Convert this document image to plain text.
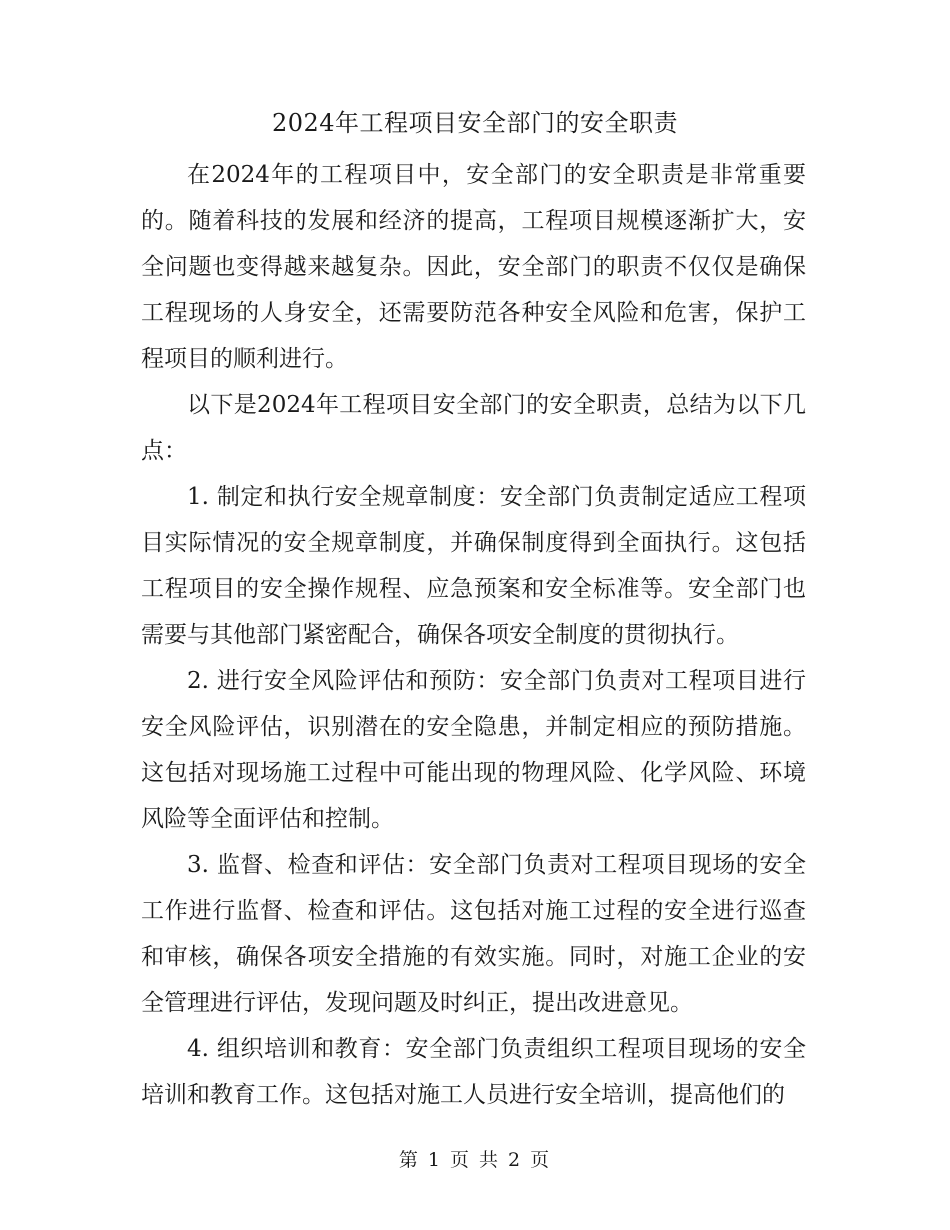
2024年工程项目安全部门的安全职责

在2024年的工程项目中，安全部门的安全职责是非常重要的。随着科技的发展和经济的提高，工程项目规模逐渐扩大，安全问题也变得越来越复杂。因此，安全部门的职责不仅仅是确保工程现场的人身安全，还需要防范各种安全风险和危害，保护工程项目的顺利进行。

以下是2024年工程项目安全部门的安全职责，总结为以下几点：

1. 制定和执行安全规章制度：安全部门负责制定适应工程项目实际情况的安全规章制度，并确保制度得到全面执行。这包括工程项目的安全操作规程、应急预案和安全标准等。安全部门也需要与其他部门紧密配合，确保各项安全制度的贯彻执行。

2. 进行安全风险评估和预防：安全部门负责对工程项目进行安全风险评估，识别潜在的安全隐患，并制定相应的预防措施。这包括对现场施工过程中可能出现的物理风险、化学风险、环境风险等全面评估和控制。

3. 监督、检查和评估：安全部门负责对工程项目现场的安全工作进行监督、检查和评估。这包括对施工过程的安全进行巡查和审核，确保各项安全措施的有效实施。同时，对施工企业的安全管理进行评估，发现问题及时纠正，提出改进意见。

4. 组织培训和教育：安全部门负责组织工程项目现场的安全培训和教育工作。这包括对施工人员进行安全培训，提高他们的

第 1 页 共 2 页
